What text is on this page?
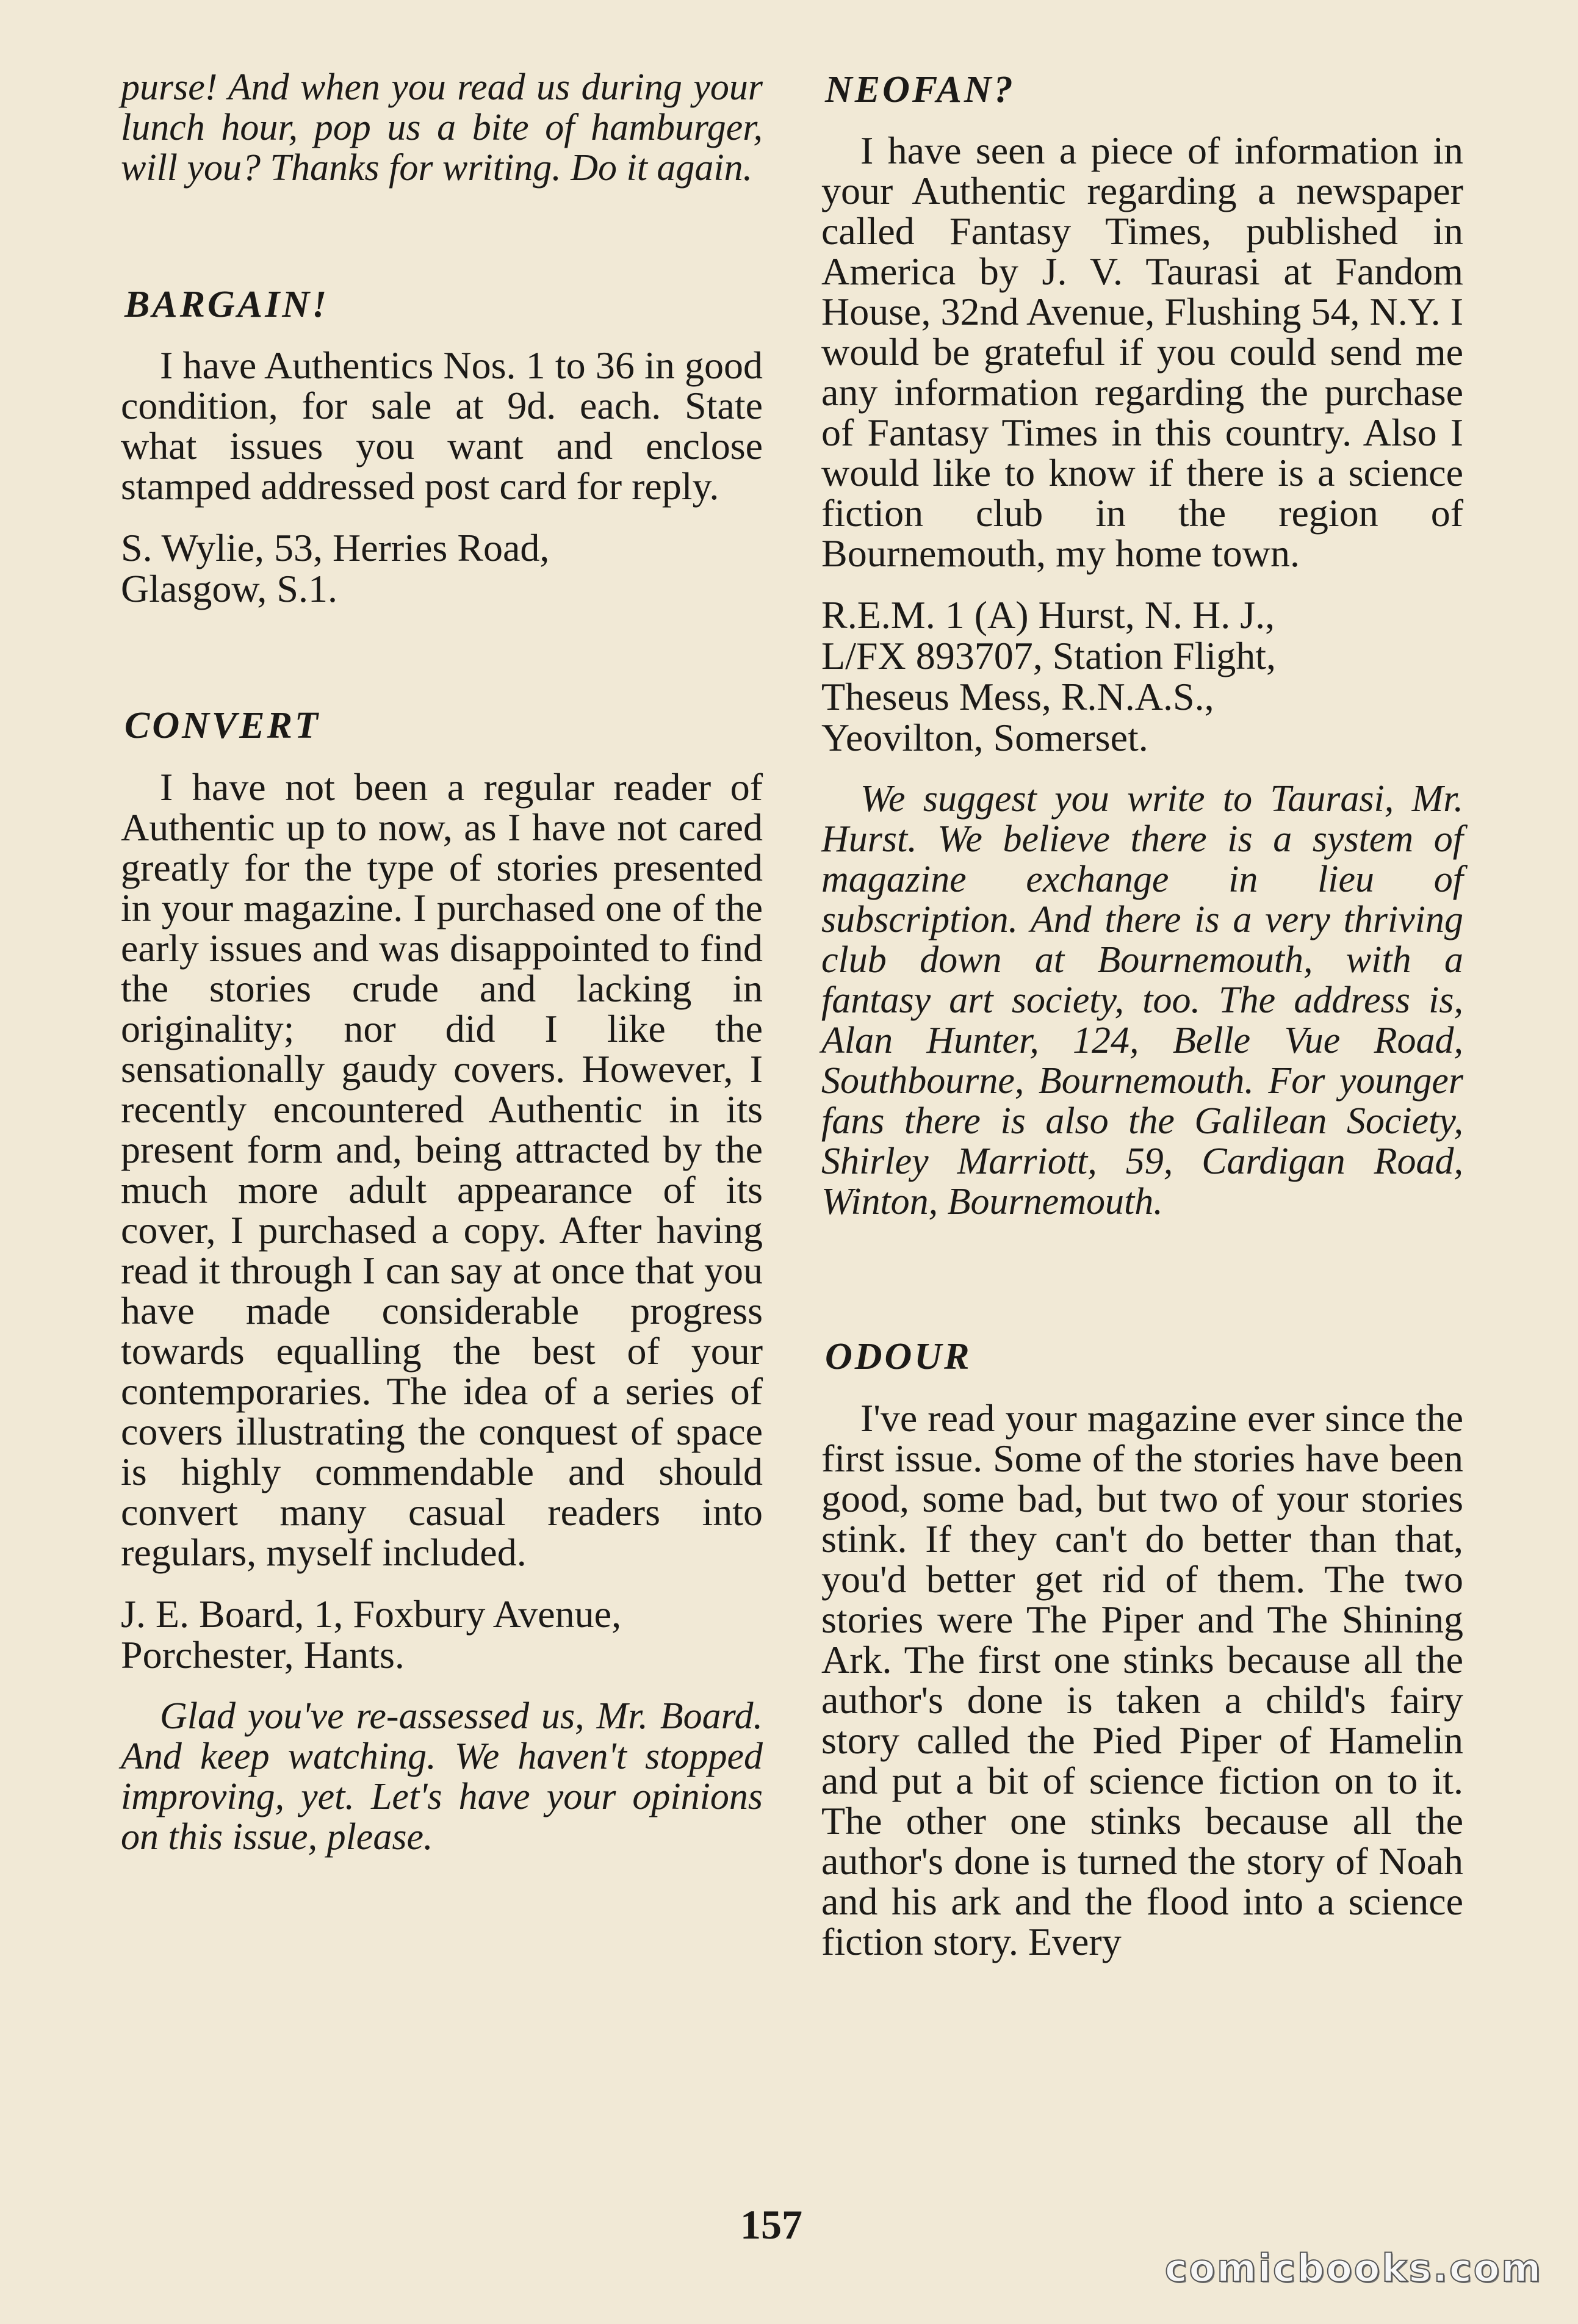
purse! And when you read us during your lunch hour, pop us a bite of hamburger, will you? Thanks for writing. Do it again.

BARGAIN!

I have Authentics Nos. 1 to 36 in good condition, for sale at 9d. each. State what issues you want and enclose stamped addressed post card for reply.

S. Wylie, 53, Herries Road,
Glasgow, S.1.
CONVERT

I have not been a regular reader of Authentic up to now, as I have not cared greatly for the type of stories presented in your magazine. I purchased one of the early issues and was disappointed to find the stories crude and lacking in originality; nor did I like the sensationally gaudy covers. However, I recently encountered Authentic in its present form and, being attracted by the much more adult appearance of its cover, I purchased a copy. After having read it through I can say at once that you have made considerable progress towards equalling the best of your contemporaries. The idea of a series of covers illustrating the conquest of space is highly commendable and should convert many casual readers into regulars, myself included.

J. E. Board, 1, Foxbury Avenue,
Porchester, Hants.

Glad you've re-assessed us, Mr. Board. And keep watching. We haven't stopped improving, yet. Let's have your opinions on this issue, please.

NEOFAN?

I have seen a piece of information in your Authentic regarding a newspaper called Fantasy Times, published in America by J. V. Taurasi at Fandom House, 32nd Avenue, Flushing 54, N.Y. I would be grateful if you could send me any information regarding the purchase of Fantasy Times in this country. Also I would like to know if there is a science fiction club in the region of Bournemouth, my home town.

R.E.M. 1 (A) Hurst, N. H. J.,
L/FX 893707, Station Flight,
Theseus Mess, R.N.A.S.,
Yeovilton, Somerset.

We suggest you write to Taurasi, Mr. Hurst. We believe there is a system of magazine exchange in lieu of subscription. And there is a very thriving club down at Bournemouth, with a fantasy art society, too. The address is, Alan Hunter, 124, Belle Vue Road, Southbourne, Bournemouth. For younger fans there is also the Galilean Society, Shirley Marriott, 59, Cardigan Road, Winton, Bournemouth.

ODOUR

I've read your magazine ever since the first issue. Some of the stories have been good, some bad, but two of your stories stink. If they can't do better than that, you'd better get rid of them. The two stories were The Piper and The Shining Ark. The first one stinks because all the author's done is taken a child's fairy story called the Pied Piper of Hamelin and put a bit of science fiction on to it. The other one stinks because all the author's done is turned the story of Noah and his ark and the flood into a science fiction story. Every

157
comicbooks.com
